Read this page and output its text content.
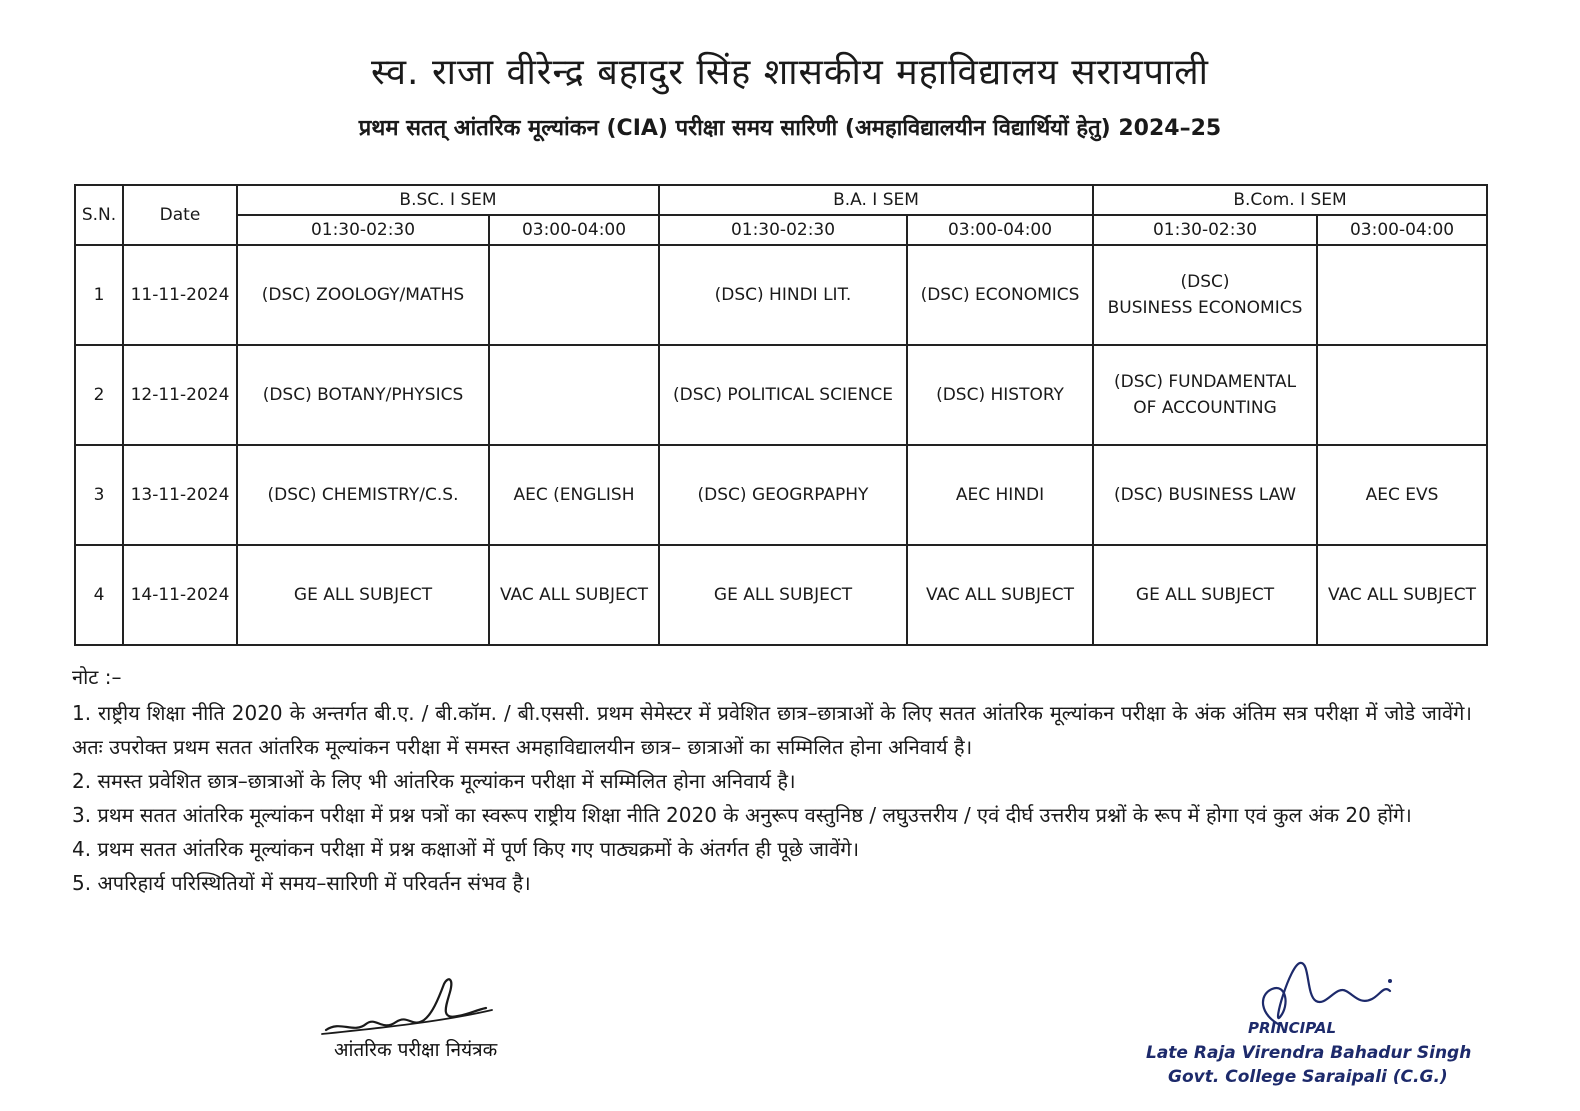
स्व. राजा वीरेन्द्र बहादुर सिंह शासकीय महाविद्यालय सरायपाली
प्रथम सतत् आंतरिक मूल्यांकन (CIA) परीक्षा समय सारिणी (अमहाविद्यालयीन विद्यार्थियों हेतु) 2024–25
S.N.	Date	B.SC. I SEM		B.A. I SEM		B.Com. I SEM	
		01:30-02:30	03:00-04:00	01:30-02:30	03:00-04:00	01:30-02:30	03:00-04:00
1	11-11-2024	(DSC) ZOOLOGY/MATHS		(DSC) HINDI LIT.	(DSC) ECONOMICS	(DSC)
BUSINESS ECONOMICS	
2	12-11-2024	(DSC) BOTANY/PHYSICS		(DSC) POLITICAL SCIENCE	(DSC) HISTORY	(DSC) FUNDAMENTAL
OF ACCOUNTING	
3	13-11-2024	(DSC) CHEMISTRY/C.S.	AEC (ENGLISH	(DSC) GEOGRPAPHY	AEC HINDI	(DSC) BUSINESS LAW	AEC EVS
4	14-11-2024	GE ALL SUBJECT	VAC ALL SUBJECT	GE ALL SUBJECT	VAC ALL SUBJECT	GE ALL SUBJECT	VAC ALL SUBJECT
नोट :–

1. राष्ट्रीय शिक्षा नीति 2020 के अन्तर्गत बी.ए. / बी.कॉम. / बी.एससी. प्रथम सेमेस्टर में प्रवेशित छात्र–छात्राओं के लिए सतत आंतरिक मूल्यांकन परीक्षा के अंक अंतिम सत्र परीक्षा में जोडे जावेंगे। अतः उपरोक्त प्रथम सतत आंतरिक मूल्यांकन परीक्षा में समस्त अमहाविद्यालयीन छात्र– छात्राओं का सम्मिलित होना अनिवार्य है।

2. समस्त प्रवेशित छात्र–छात्राओं के लिए भी आंतरिक मूल्यांकन परीक्षा में सम्मिलित होना अनिवार्य है।

3. प्रथम सतत आंतरिक मूल्यांकन परीक्षा में प्रश्न पत्रों का स्वरूप राष्ट्रीय शिक्षा नीति 2020 के अनुरूप वस्तुनिष्ठ / लघुउत्तरीय / एवं दीर्घ उत्तरीय प्रश्नों के रूप में होगा एवं कुल अंक 20 होंगे।

4. प्रथम सतत आंतरिक मूल्यांकन परीक्षा में प्रश्न कक्षाओं में पूर्ण किए गए पाठ्यक्रमों के अंतर्गत ही पूछे जावेंगे।

5. अपरिहार्य परिस्थितियों में समय–सारिणी में परिवर्तन संभव है।

आंतरिक परीक्षा नियंत्रक
PRINCIPAL
Late Raja Virendra Bahadur Singh
Govt. College Saraipali (C.G.)
